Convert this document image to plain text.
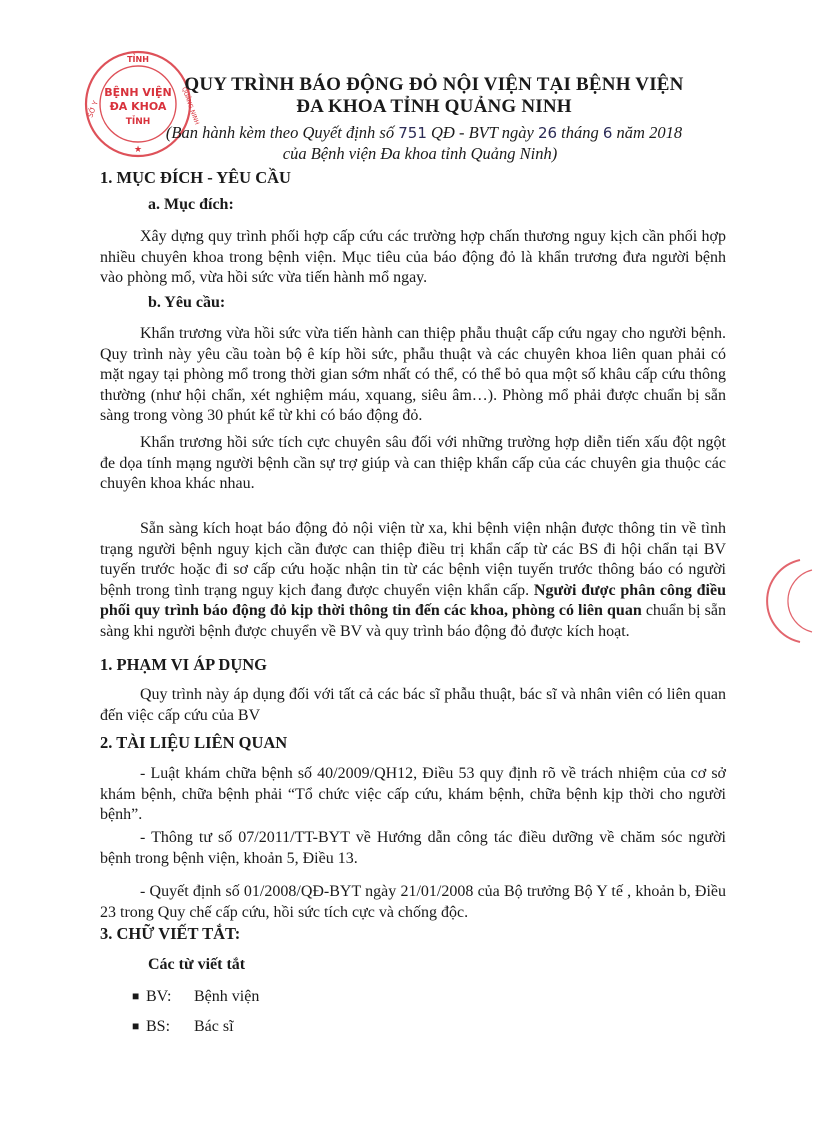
TỈNH
BỆNH VIỆN
ĐA KHOA
TỈNH
SỞ Y	QUẢNG NINH
★
QUY TRÌNH BÁO ĐỘNG ĐỎ NỘI VIỆN TẠI BỆNH VIỆN
ĐA KHOA TỈNH QUẢNG NINH
(Ban hành kèm theo Quyết định số 751 QĐ - BVT ngày 26 tháng 6 năm 2018
của Bệnh viện Đa khoa tỉnh Quảng Ninh)
1. MỤC ĐÍCH - YÊU CẦU
a. Mục đích:

Xây dựng quy trình phối hợp cấp cứu các trường hợp chấn thương nguy kịch cần phối hợp nhiều chuyên khoa trong bệnh viện. Mục tiêu của báo động đỏ là khẩn trương đưa người bệnh vào phòng mổ, vừa hồi sức vừa tiến hành mổ ngay.

b. Yêu cầu:

Khẩn trương vừa hồi sức vừa tiến hành can thiệp phẫu thuật cấp cứu ngay cho người bệnh. Quy trình này yêu cầu toàn bộ ê kíp hồi sức, phẫu thuật và các chuyên khoa liên quan phải có mặt ngay tại phòng mổ trong thời gian sớm nhất có thể, có thể bỏ qua một số khâu cấp cứu thông thường (như hội chẩn, xét nghiệm máu, xquang, siêu âm…). Phòng mổ phải được chuẩn bị sẵn sàng trong vòng 30 phút kể từ khi có báo động đỏ.

Khẩn trương hồi sức tích cực chuyên sâu đối với những trường hợp diễn tiến xấu đột ngột đe dọa tính mạng người bệnh cần sự trợ giúp và can thiệp khẩn cấp của các chuyên gia thuộc các chuyên khoa khác nhau.

Sẵn sàng kích hoạt báo động đỏ nội viện từ xa, khi bệnh viện nhận được thông tin về tình trạng người bệnh nguy kịch cần được can thiệp điều trị khẩn cấp từ các BS đi hội chẩn tại BV tuyến trước hoặc đi sơ cấp cứu hoặc nhận tin từ các bệnh viện tuyến trước thông báo có người bệnh trong tình trạng nguy kịch đang được chuyển viện khẩn cấp. Người được phân công điều phối quy trình báo động đỏ kịp thời thông tin đến các khoa, phòng có liên quan chuẩn bị sẵn sàng khi người bệnh được chuyển về BV và quy trình báo động đỏ được kích hoạt.

1. PHẠM VI ÁP DỤNG

Quy trình này áp dụng đối với tất cả các bác sĩ phẫu thuật, bác sĩ và nhân viên có liên quan đến việc cấp cứu của BV

2. TÀI LIỆU LIÊN QUAN

- Luật khám chữa bệnh số 40/2009/QH12, Điều 53 quy định rõ về trách nhiệm của cơ sở khám bệnh, chữa bệnh phải “Tổ chức việc cấp cứu, khám bệnh, chữa bệnh kịp thời cho người bệnh”.

- Thông tư số 07/2011/TT-BYT về Hướng dẫn công tác điều dưỡng về chăm sóc người bệnh trong bệnh viện, khoản 5, Điều 13.

- Quyết định số 01/2008/QĐ-BYT ngày 21/01/2008 của Bộ trưởng Bộ Y tế , khoản b, Điều 23 trong Quy chế cấp cứu, hồi sức tích cực và chống độc.

3. CHỮ VIẾT TẮT:
Các từ viết tắt
■ BV: Bệnh viện
■ BS: Bác sĩ
